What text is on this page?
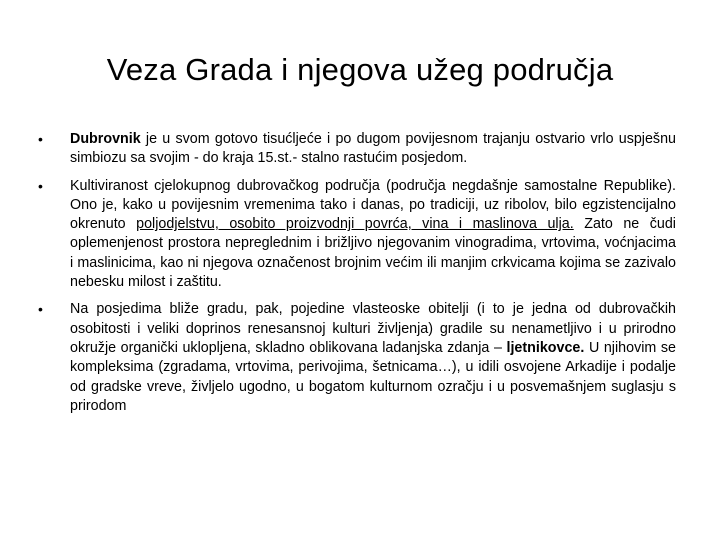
Veza Grada i njegova užeg područja
•	Dubrovnik je u svom gotovo tisućljeće i po dugom povijesnom trajanju ostvario vrlo uspješnu simbiozu sa svojim - do kraja 15.st.- stalno rastućim posjedom.
•	Kultiviranost cjelokupnog dubrovačkog područja (područja negdašnje samostalne Republike). Ono je, kako u povijesnim vremenima tako i danas, po tradiciji, uz ribolov, bilo egzistencijalno okrenuto poljodjelstvu, osobito proizvodnji povrća, vina i maslinova ulja. Zato ne čudi oplemenjenost prostora nepreglednim i brižljivo njegovanim vinogradima, vrtovima, voćnjacima i maslinicima, kao ni njegova označenost brojnim većim ili manjim crkvicama kojima se zazivalo nebesku milost i zaštitu.
•	Na posjedima bliže gradu, pak, pojedine vlasteoske obitelji (i to je jedna od dubrovačkih osobitosti i veliki doprinos renesansnoj kulturi življenja) gradile su nenametljivo i u prirodno okružje organički uklopljena, skladno oblikovana ladanjska zdanja – ljetnikovce. U njihovim se kompleksima (zgradama, vrtovima, perivojima, šetnicama…), u idili osvojene Arkadije i podalje od gradske vreve, življelo ugodno, u bogatom kulturnom ozračju i u posvemašnjem suglasju s prirodom
